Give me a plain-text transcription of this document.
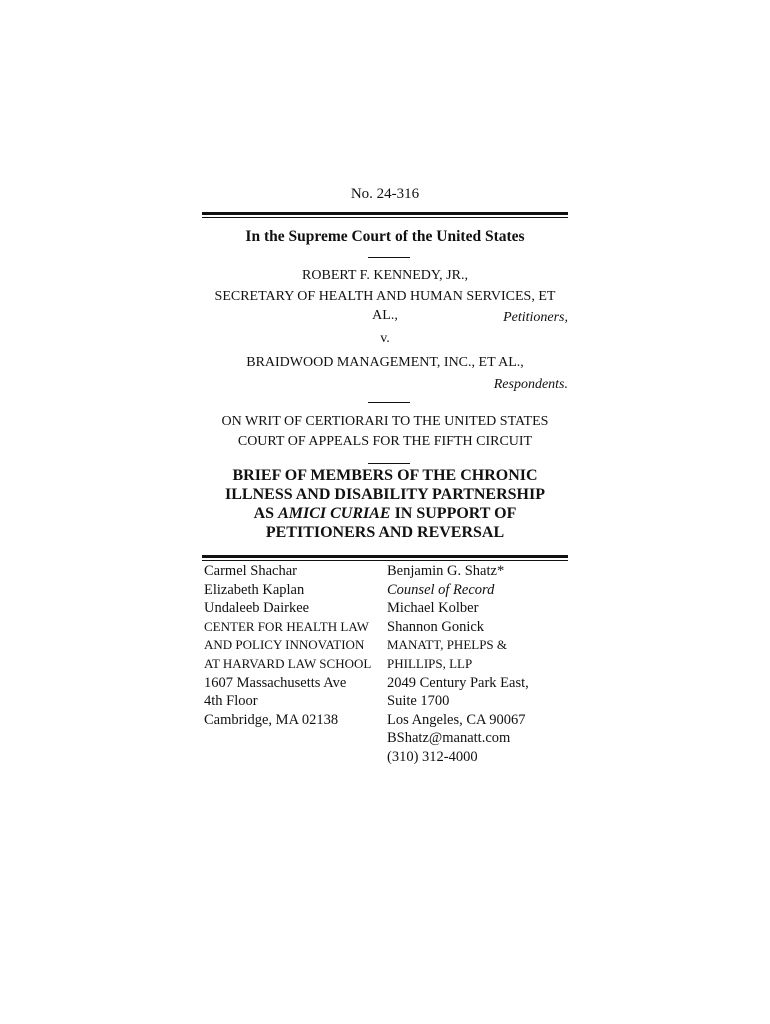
No. 24-316
In the Supreme Court of the United States
ROBERT F. KENNEDY, JR.,
SECRETARY OF HEALTH AND HUMAN SERVICES, ET AL.,	Petitioners,
v.
BRAIDWOOD MANAGEMENT, INC., ET AL.,
Respondents.
ON WRIT OF CERTIORARI TO THE UNITED STATES
COURT OF APPEALS FOR THE FIFTH CIRCUIT
BRIEF OF MEMBERS OF THE CHRONIC
ILLNESS AND DISABILITY PARTNERSHIP
AS AMICI CURIAE IN SUPPORT OF
PETITIONERS AND REVERSAL
Carmel Shachar
Elizabeth Kaplan
Undaleeb Dairkee
CENTER FOR HEALTH LAW
AND POLICY INNOVATION
AT HARVARD LAW SCHOOL
1607 Massachusetts Ave
4th Floor
Cambridge, MA 02138
Benjamin G. Shatz*
Counsel of Record
Michael Kolber
Shannon Gonick
MANATT, PHELPS &
PHILLIPS, LLP
2049 Century Park East,
Suite 1700
Los Angeles, CA 90067
BShatz@manatt.com
(310) 312-4000
